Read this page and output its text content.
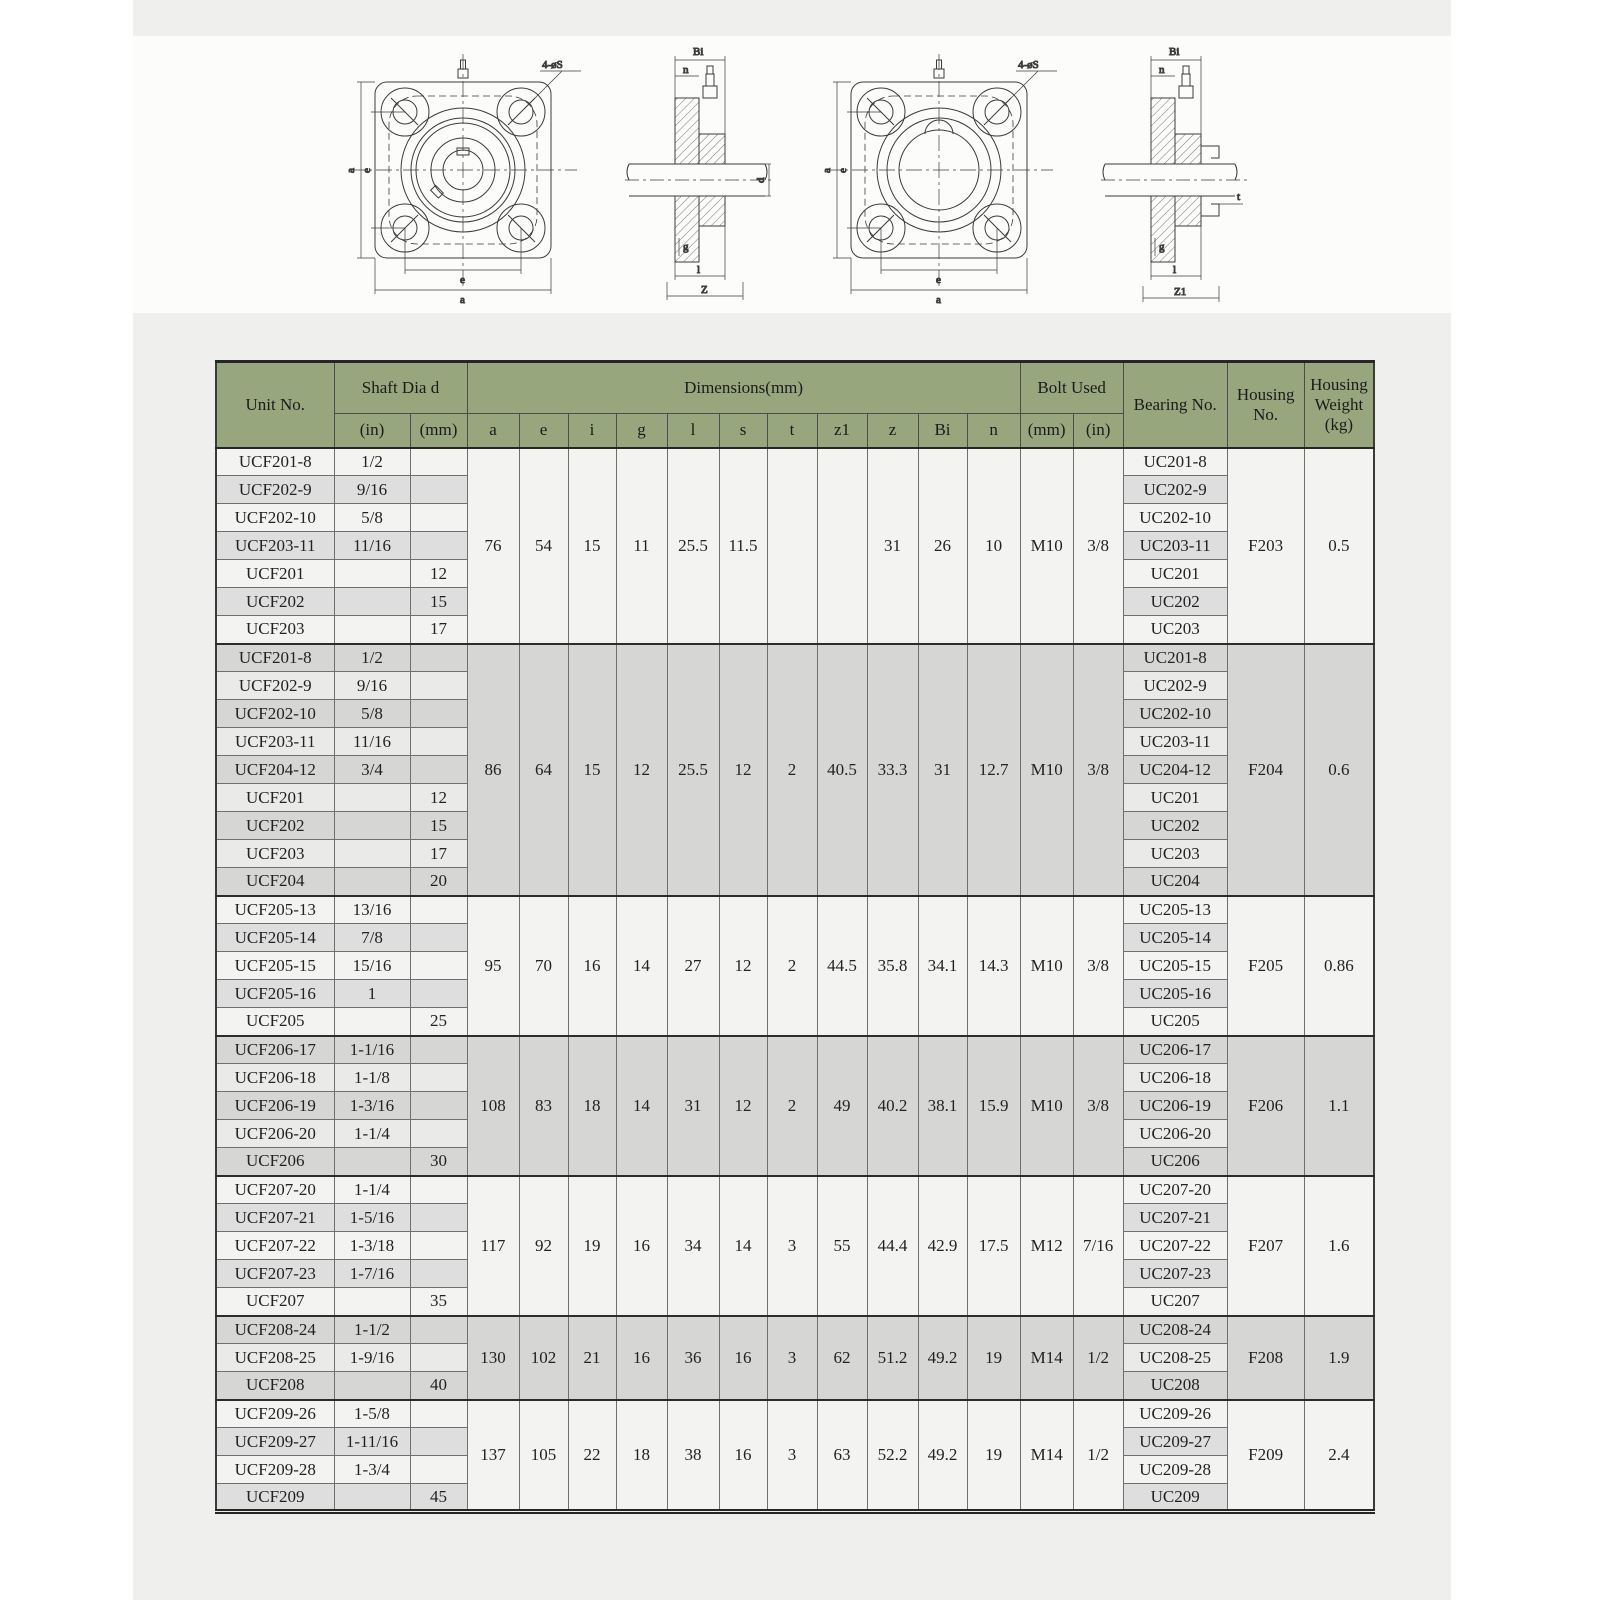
a e
e
a
4-øS
Bi
n
d
g
l
Z
a e
e
a
4-øS
Bi
n
t
g
l
Z1
Unit No.	Shaft Dia d		Dimensions(mm)											Bolt Used		Bearing No.	Housing No.	Housing Weight (kg)
	(in)	(mm)	a	e	i	g	l	s	t	z1	z	Bi	n	(mm)	(in)			
UCF201-8	1/2		76	54	15	11	25.5	11.5			31	26	10	M10	3/8	UC201-8	F203	0.5
UCF202-9	9/16															UC202-9		
UCF202-10	5/8															UC202-10		
UCF203-11	11/16															UC203-11		
UCF201		12														UC201		
UCF202		15														UC202		
UCF203		17														UC203		
UCF201-8	1/2		86	64	15	12	25.5	12	2	40.5	33.3	31	12.7	M10	3/8	UC201-8	F204	0.6
UCF202-9	9/16															UC202-9		
UCF202-10	5/8															UC202-10		
UCF203-11	11/16															UC203-11		
UCF204-12	3/4															UC204-12		
UCF201		12														UC201		
UCF202		15														UC202		
UCF203		17														UC203		
UCF204		20														UC204		
UCF205-13	13/16		95	70	16	14	27	12	2	44.5	35.8	34.1	14.3	M10	3/8	UC205-13	F205	0.86
UCF205-14	7/8															UC205-14		
UCF205-15	15/16															UC205-15		
UCF205-16	1															UC205-16		
UCF205		25														UC205		
UCF206-17	1-1/16		108	83	18	14	31	12	2	49	40.2	38.1	15.9	M10	3/8	UC206-17	F206	1.1
UCF206-18	1-1/8															UC206-18		
UCF206-19	1-3/16															UC206-19		
UCF206-20	1-1/4															UC206-20		
UCF206		30														UC206		
UCF207-20	1-1/4		117	92	19	16	34	14	3	55	44.4	42.9	17.5	M12	7/16	UC207-20	F207	1.6
UCF207-21	1-5/16															UC207-21		
UCF207-22	1-3/18															UC207-22		
UCF207-23	1-7/16															UC207-23		
UCF207		35														UC207		
UCF208-24	1-1/2		130	102	21	16	36	16	3	62	51.2	49.2	19	M14	1/2	UC208-24	F208	1.9
UCF208-25	1-9/16															UC208-25		
UCF208		40														UC208		
UCF209-26	1-5/8		137	105	22	18	38	16	3	63	52.2	49.2	19	M14	1/2	UC209-26	F209	2.4
UCF209-27	1-11/16															UC209-27		
UCF209-28	1-3/4															UC209-28		
UCF209		45														UC209		
